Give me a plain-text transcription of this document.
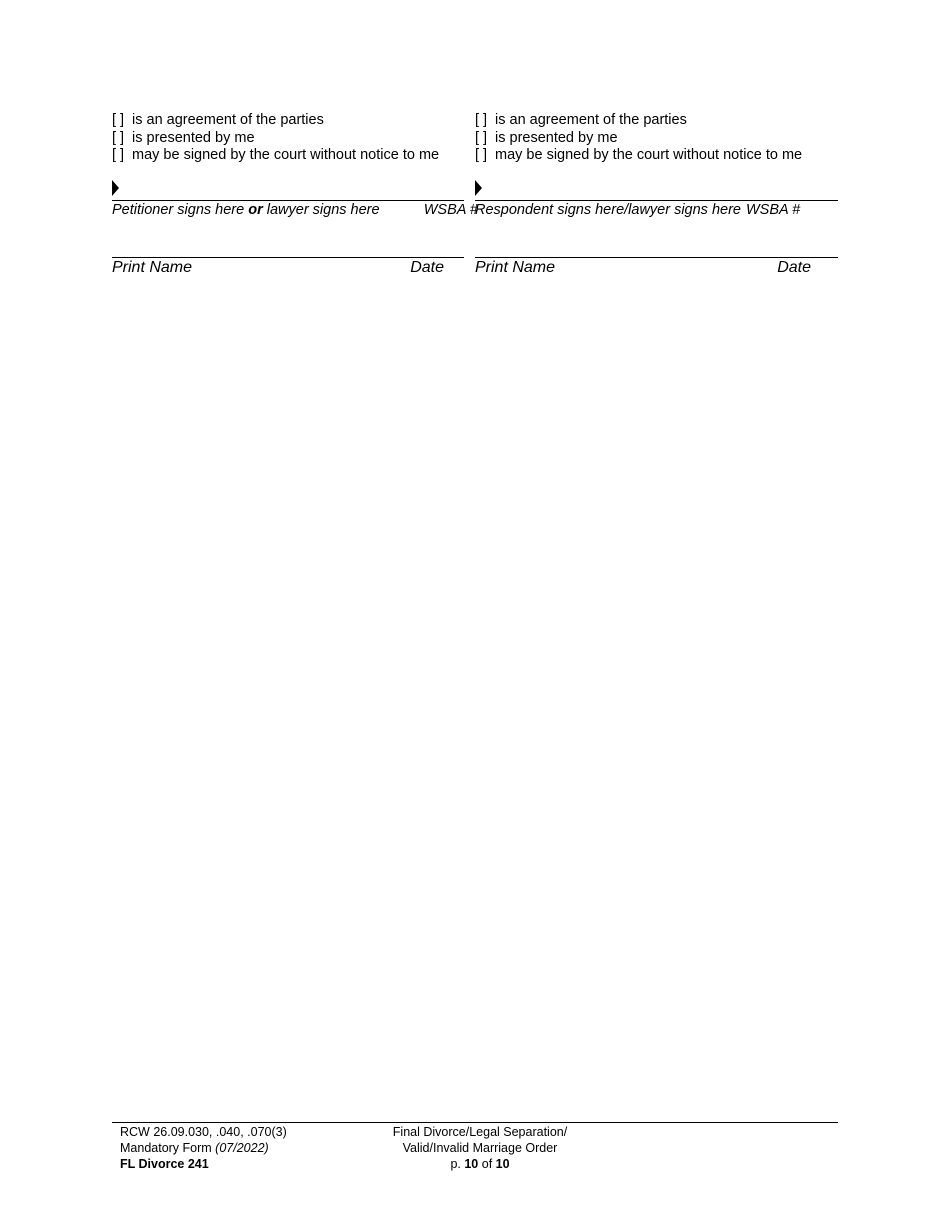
[ ] is an agreement of the parties
[ ] is presented by me
[ ] may be signed by the court without notice to me
Petitioner signs here or lawyer signs here	WSBA #
Print Name	Date
[ ] is an agreement of the parties
[ ] is presented by me
[ ] may be signed by the court without notice to me
Respondent signs here/lawyer signs here WSBA #
Print Name	Date
RCW 26.09.030, .040, .070(3)
Mandatory Form (07/2022)
FL Divorce 241
Final Divorce/Legal Separation/
Valid/Invalid Marriage Order
p. 10 of 10
